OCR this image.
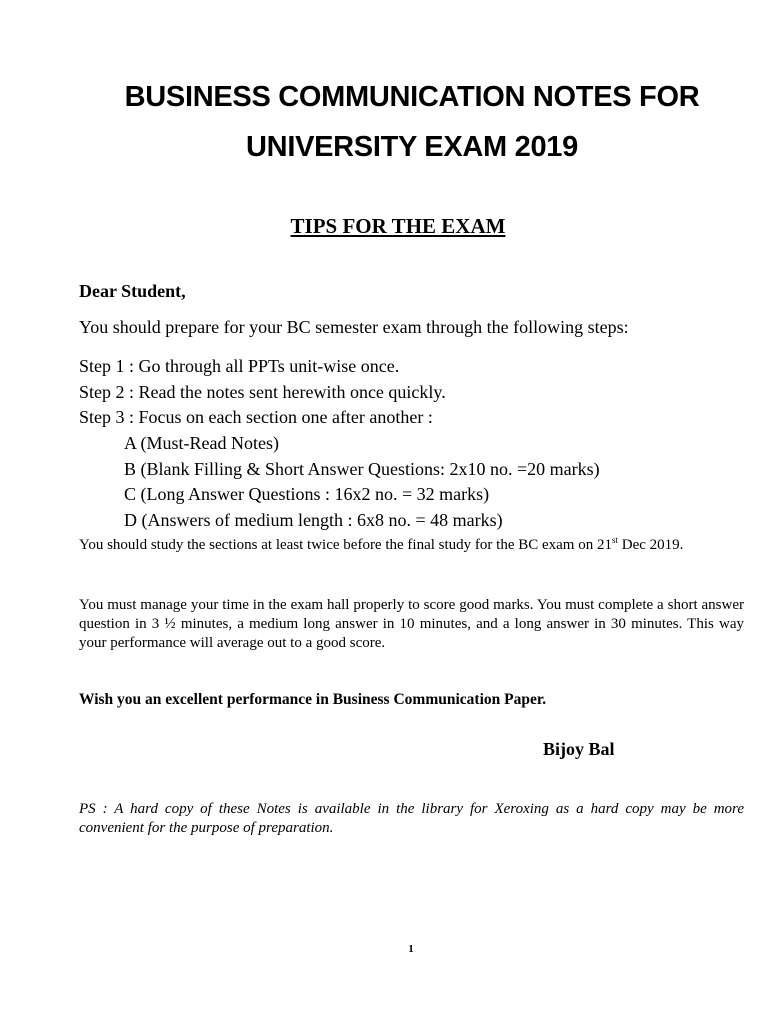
BUSINESS COMMUNICATION NOTES FOR
UNIVERSITY EXAM 2019
TIPS FOR THE EXAM

Dear Student,

You should prepare for your BC semester exam through the following steps:

Step 1 : Go through all PPTs unit-wise once.
Step 2 : Read the notes sent herewith once quickly.
Step 3 : Focus on each section one after another :
A (Must-Read Notes)
B (Blank Filling & Short Answer Questions: 2x10 no. =20 marks)
C (Long Answer Questions : 16x2 no. = 32 marks)
D (Answers of medium length : 6x8 no. = 48 marks)

You should study the sections at least twice before the final study for the BC exam on 21st Dec 2019.

You must manage your time in the exam hall properly to score good marks. You must complete a short answer question in 3 ½ minutes, a medium long answer in 10 minutes, and a long answer in 30 minutes. This way your performance will average out to a good score.

Wish you an excellent performance in Business Communication Paper.

Bijoy Bal

PS : A hard copy of these Notes is available in the library for Xeroxing as a hard copy may be more convenient for the purpose of preparation.

1
